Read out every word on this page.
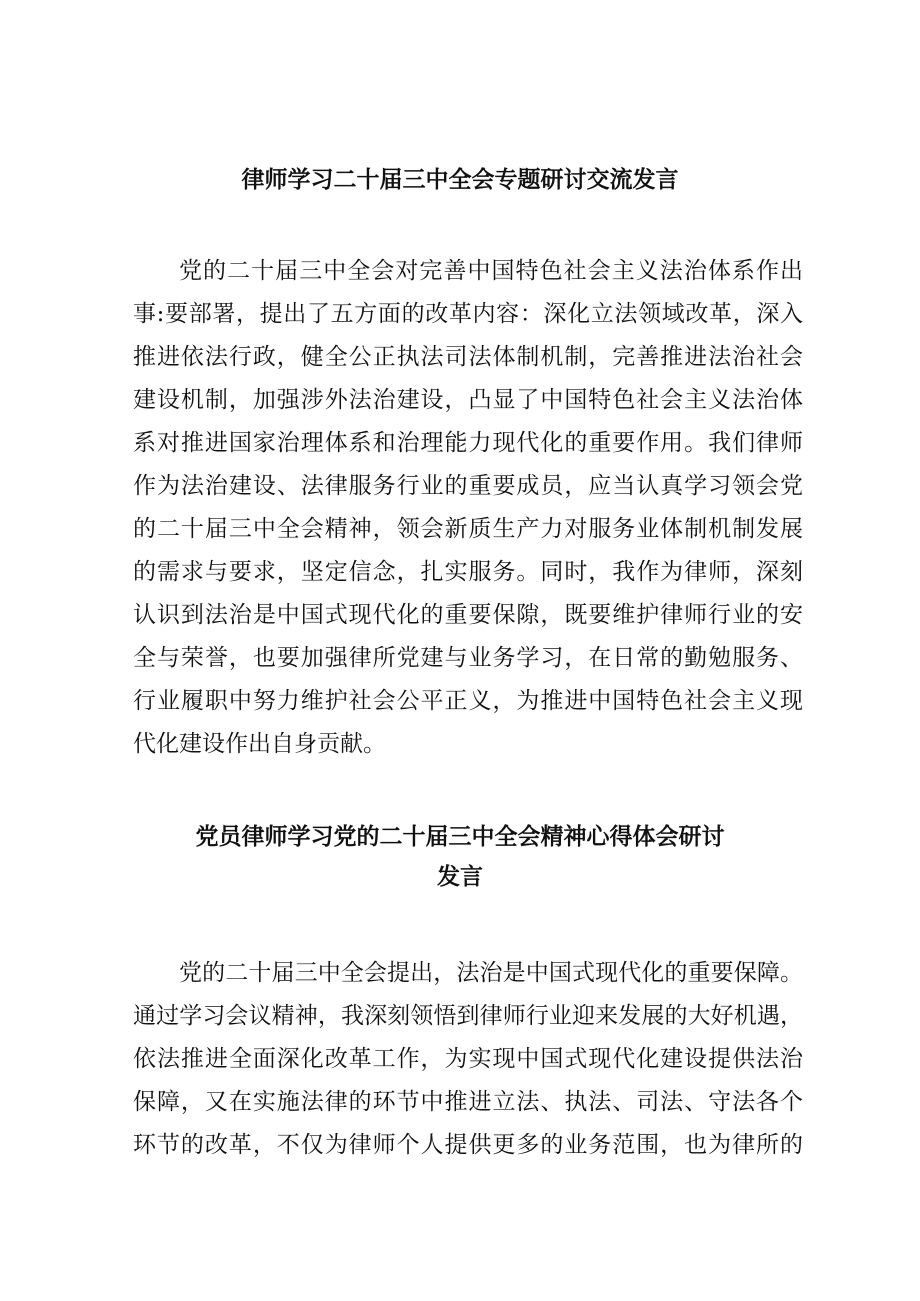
律师学习二十届三中全会专题研讨交流发言
党的二十届三中全会对完善中国特色社会主义法治体系作出
事:要部署，提出了五方面的改革内容：深化立法领域改革，深入
推进依法行政，健全公正执法司法体制机制，完善推进法治社会
建设机制，加强涉外法治建设，凸显了中国特色社会主义法治体
系对推进国家治理体系和治理能力现代化的重要作用。我们律师
作为法治建设、法律服务行业的重要成员，应当认真学习领会党
的二十届三中全会精神，领会新质生产力对服务业体制机制发展
的需求与要求，坚定信念，扎实服务。同时，我作为律师，深刻
认识到法治是中国式现代化的重要保隙，既要维护律师行业的安
全与荣誉，也要加强律所党建与业务学习，在日常的勤勉服务、
行业履职中努力维护社会公平正义，为推进中国特色社会主义现
代化建设作出自身贡献。
党员律师学习党的二十届三中全会精神心得体会研讨
发言
党的二十届三中全会提出，法治是中国式现代化的重要保障。
通过学习会议精神，我深刻领悟到律师行业迎来发展的大好机遇，
依法推进全面深化改革工作，为实现中国式现代化建设提供法治
保障，又在实施法律的环节中推进立法、执法、司法、守法各个
环节的改革，不仅为律师个人提供更多的业务范围，也为律所的
